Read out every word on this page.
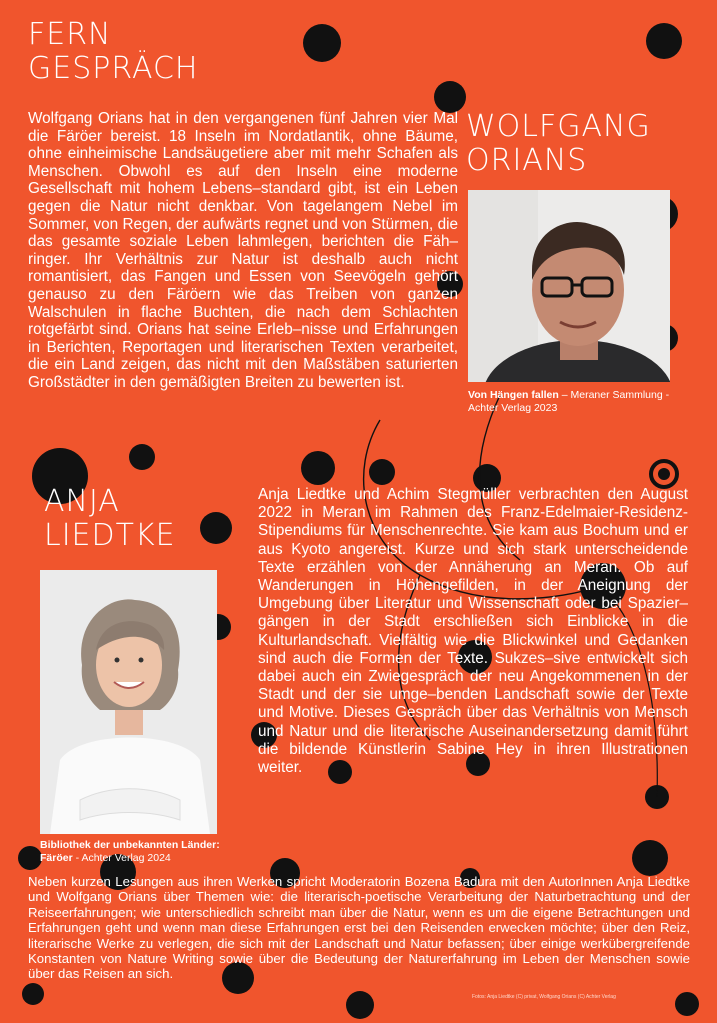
FERN
GESPRÄCH

Wolfgang Orians hat in den vergangenen fünf Jahren vier Mal die Färöer bereist. 18 Inseln im Nordatlantik, ohne Bäume, ohne einheimische Landsäugetiere aber mit mehr Schafen als Menschen. Obwohl es auf den Inseln eine moderne Gesellschaft mit hohem Lebens–standard gibt, ist ein Leben gegen die Natur nicht denkbar. Von tagelangem Nebel im Sommer, von Regen, der aufwärts regnet und von Stürmen, die das gesamte soziale Leben lahmlegen, berichten die Fäh–ringer. Ihr Verhältnis zur Natur ist deshalb auch nicht romantisiert, das Fangen und Essen von Seevögeln gehört genauso zu den Färöern wie das Treiben von ganzen Walschulen in flache Buchten, die nach dem Schlachten rotgefärbt sind. Orians hat seine Erleb–nisse und Erfahrungen in Berichten, Reportagen und literarischen Texten verarbeitet, die ein Land zeigen, das nicht mit den Maßstäben saturierten Großstädter in den gemäßigten Breiten zu bewerten ist.

WOLFGANG
ORIANS
Von Hängen fallen – Meraner Sammlung - Achter Verlag 2023
ANJA
LIEDTKE
Bibliothek der unbekannten Länder:
Färöer - Achter Verlag 2024

Anja Liedtke und Achim Stegmüller verbrachten den August 2022 in Meran im Rahmen des Franz-Edelmaier-Residenz-Stipendiums für Menschenrechte. Sie kam aus Bochum und er aus Kyoto angereist. Kurze und sich stark unterscheidende Texte erzählen von der Annäherung an Meran. Ob auf Wanderungen in Höhengefilden, in der Aneignung der Umgebung über Literatur und Wissenschaft oder bei Spazier–gängen in der Stadt erschließen sich Einblicke in die Kulturlandschaft. Vielfältig wie die Blickwinkel und Gedanken sind auch die Formen der Texte. Sukzes–sive entwickelt sich dabei auch ein Zwiegespräch der neu Angekommenen in der Stadt und der sie umge–benden Landschaft sowie der Texte und Motive. Dieses Gespräch über das Verhältnis von Mensch und Natur und die literarische Auseinandersetzung damit führt die bildende Künstlerin Sabine Hey in ihren Illustrationen weiter.

Neben kurzen Lesungen aus ihren Werken spricht Moderatorin Bozena Badura mit den AutorInnen Anja Liedtke und Wolfgang Orians über Themen wie: die literarisch-poetische Verarbeitung der Naturbetrachtung und der Reiseerfahrungen; wie unterschiedlich schreibt man über die Natur, wenn es um die eigene Betrachtungen und Erfahrungen geht und wenn man diese Erfahrungen erst bei den Reisenden erwecken möchte; über den Reiz, literarische Werke zu verlegen, die sich mit der Landschaft und Natur befassen; über einige werkübergreifende Konstanten von Nature Writing sowie über die Bedeutung der Naturerfahrung im Leben der Menschen sowie über das Reisen an sich.

Fotos: Anja Liedtke (C) privat, Wolfgang Orians (C) Achter Verlag
